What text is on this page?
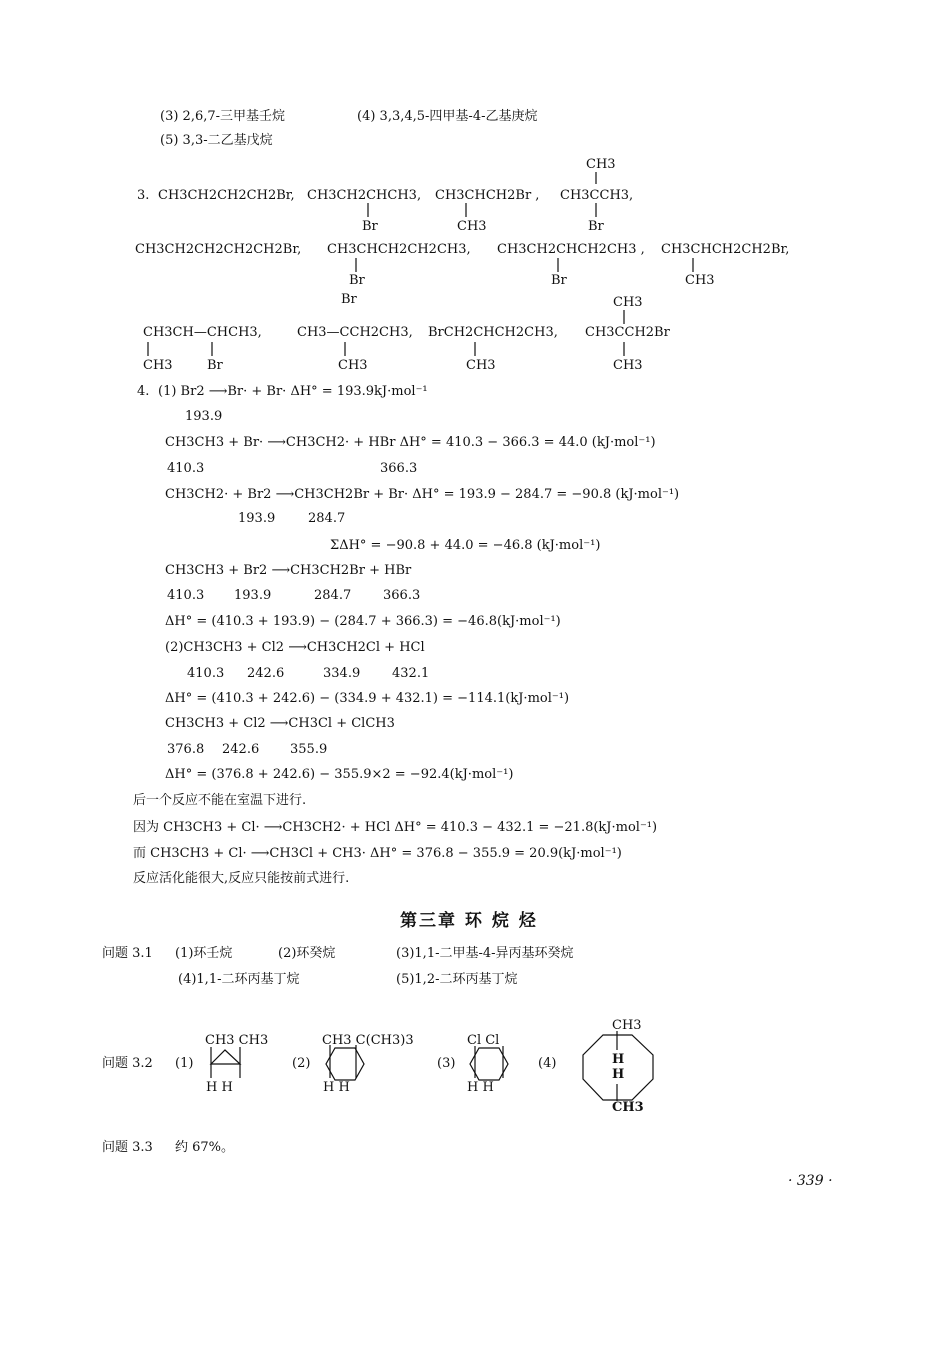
(3) 2,6,7-三甲基壬烷	(4) 3,3,4,5-四甲基-4-乙基庚烷
(5) 3,3-二乙基戊烷
3. CH3CH2CH2CH2Br, CH3CH2CHCH3,
Br
CH3CHCH2Br ,
CH3
CH3
CH3CCH3,
Br
CH3CH2CH2CH2CH2Br, CH3CHCH2CH2CH3,
Br
CH3CH2CHCH2CH3 ,
Br
CH3CHCH2CH2Br,
CH3
Br
CH3CH—CHCH3,
CH3	Br
CH3—CCH2CH3,
CH3
BrCH2CHCH2CH3,
CH3
CH3
CH3CCH2Br
CH3
4. (1) Br2 ⟶Br· + Br· ΔH° = 193.9kJ·mol⁻¹
193.9
CH3CH3 + Br· ⟶CH3CH2· + HBr ΔH° = 410.3 − 366.3 = 44.0 (kJ·mol⁻¹)
410.3	366.3
CH3CH2· + Br2 ⟶CH3CH2Br + Br· ΔH° = 193.9 − 284.7 = −90.8 (kJ·mol⁻¹)
193.9	284.7
ΣΔH° = −90.8 + 44.0 = −46.8 (kJ·mol⁻¹)
CH3CH3 + Br2 ⟶CH3CH2Br + HBr
410.3 193.9	284.7 366.3
ΔH° = (410.3 + 193.9) − (284.7 + 366.3) = −46.8(kJ·mol⁻¹)
(2)CH3CH3 + Cl2 ⟶CH3CH2Cl + HCl
410.3 242.6	334.9 432.1
ΔH° = (410.3 + 242.6) − (334.9 + 432.1) = −114.1(kJ·mol⁻¹)
CH3CH3 + Cl2 ⟶CH3Cl + ClCH3
376.8 242.6 355.9
ΔH° = (376.8 + 242.6) − 355.9×2 = −92.4(kJ·mol⁻¹)
后一个反应不能在室温下进行.
因为 CH3CH3 + Cl· ⟶CH3CH2· + HCl ΔH° = 410.3 − 432.1 = −21.8(kJ·mol⁻¹)
而 CH3CH3 + Cl· ⟶CH3Cl + CH3· ΔH° = 376.8 − 355.9 = 20.9(kJ·mol⁻¹)
反应活化能很大,反应只能按前式进行.
第三章 环 烷 烃
问题 3.1 (1)环壬烷	(2)环癸烷	(3)1,1-二甲基-4-异丙基环癸烷
(4)1,1-二环丙基丁烷	(5)1,2-二环丙基丁烷
问题 3.2 (1)
CH3 CH3
H H
(2)
CH3 C(CH3)3
H H
(3)
Cl Cl
H H
(4)
CH3
H
H
CH3
问题 3.3 约 67%。
· 339 ·
